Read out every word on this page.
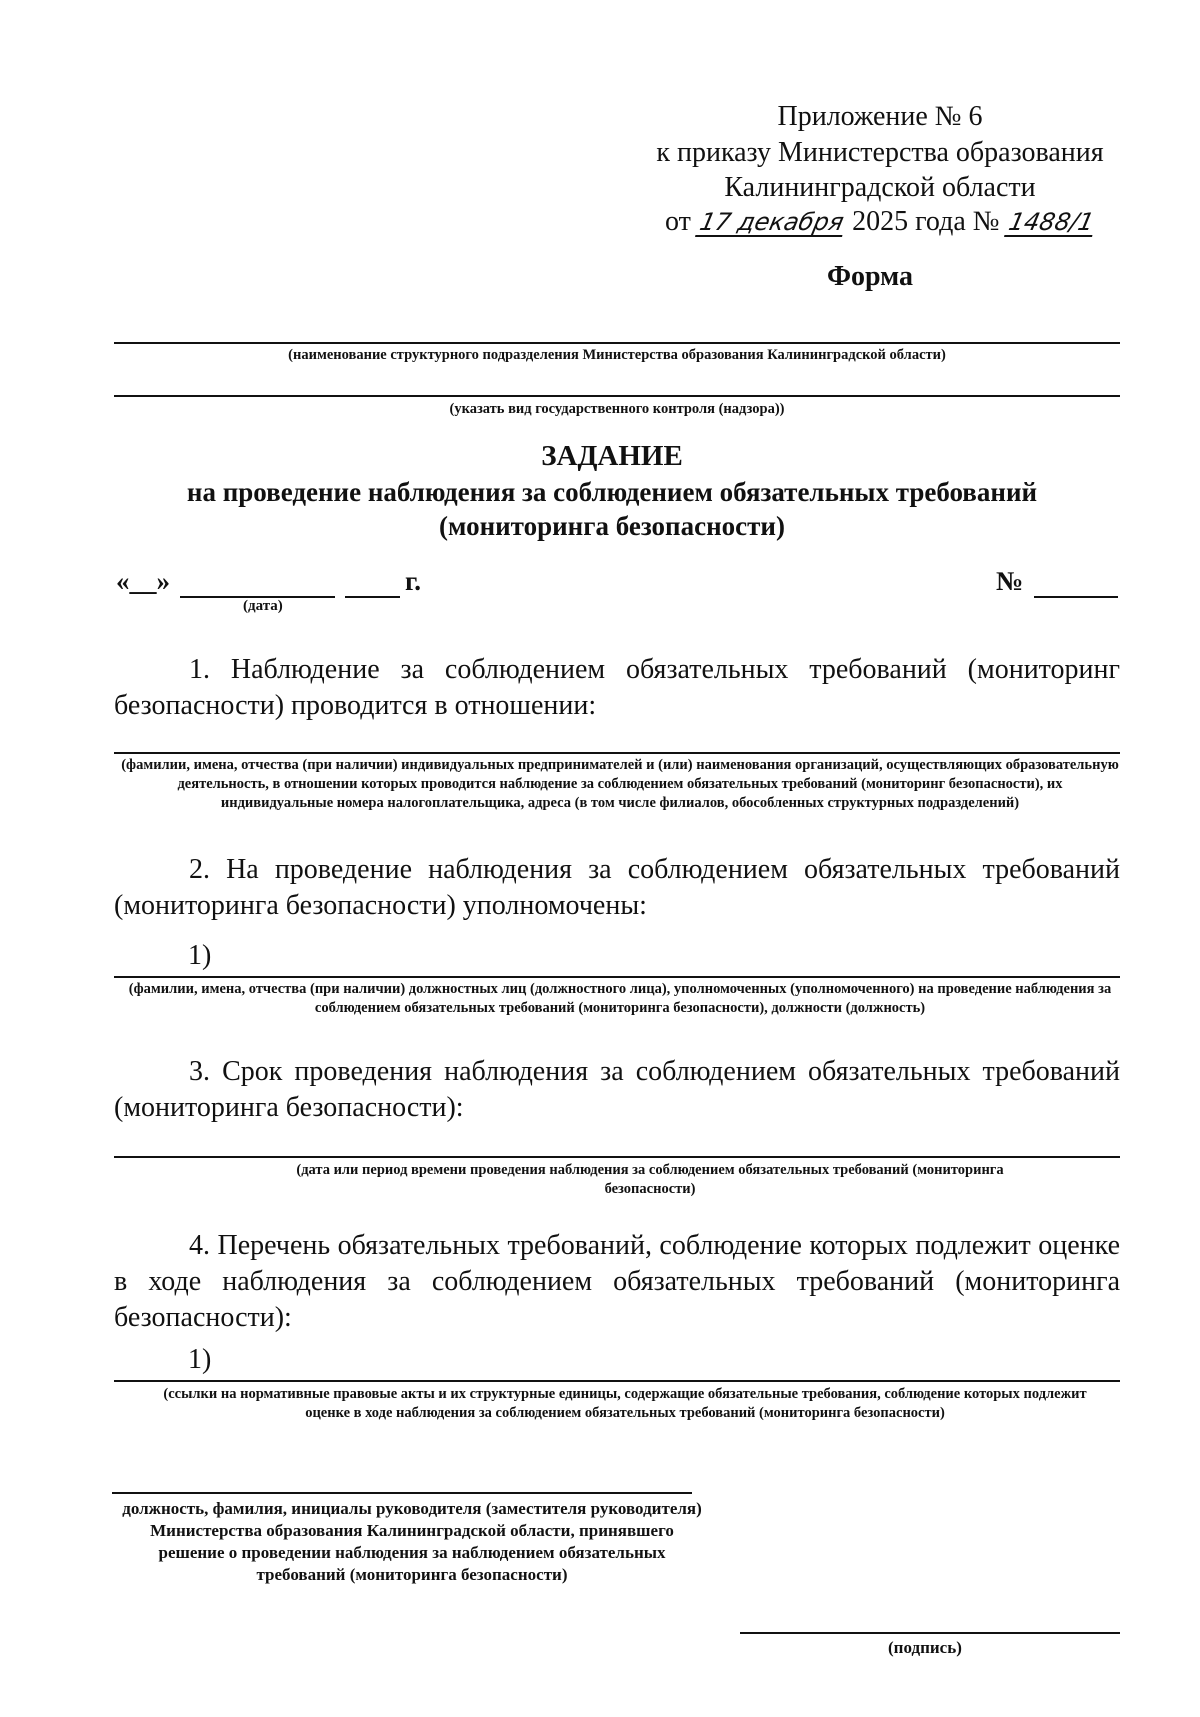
Приложение № 6
к приказу Министерства образования
Калининградской области
от 17 декабря 2025 года № 1488/1
Форма
(наименование структурного подразделения Министерства образования Калининградской области)
(указать вид государственного контроля (надзора))
ЗАДАНИЕ
на проведение наблюдения за соблюдением обязательных требований
(мониторинга безопасности)
«__»	г.
(дата)
№
1. Наблюдение за соблюдением обязательных требований (мониторинг безопасности) проводится в отношении:
(фамилии, имена, отчества (при наличии) индивидуальных предпринимателей и (или) наименования организаций, осуществляющих образовательную деятельность, в отношении которых проводится наблюдение за соблюдением обязательных требований (мониторинг безопасности), их индивидуальные номера налогоплательщика, адреса (в том числе филиалов, обособленных структурных подразделений)
2. На проведение наблюдения за соблюдением обязательных требований (мониторинга безопасности) уполномочены:
1)
(фамилии, имена, отчества (при наличии) должностных лиц (должностного лица), уполномоченных (уполномоченного) на проведение наблюдения за соблюдением обязательных требований (мониторинга безопасности), должности (должность)
3. Срок проведения наблюдения за соблюдением обязательных требований (мониторинга безопасности):
(дата или период времени проведения наблюдения за соблюдением обязательных требований (мониторинга безопасности)
4. Перечень обязательных требований, соблюдение которых подлежит оценке в ходе наблюдения за соблюдением обязательных требований (мониторинга безопасности):
1)
(ссылки на нормативные правовые акты и их структурные единицы, содержащие обязательные требования, соблюдение которых подлежит оценке в ходе наблюдения за соблюдением обязательных требований (мониторинга безопасности)
должность, фамилия, инициалы руководителя (заместителя руководителя) Министерства образования Калининградской области, принявшего решение о проведении наблюдения за наблюдением обязательных требований (мониторинга безопасности)
(подпись)
